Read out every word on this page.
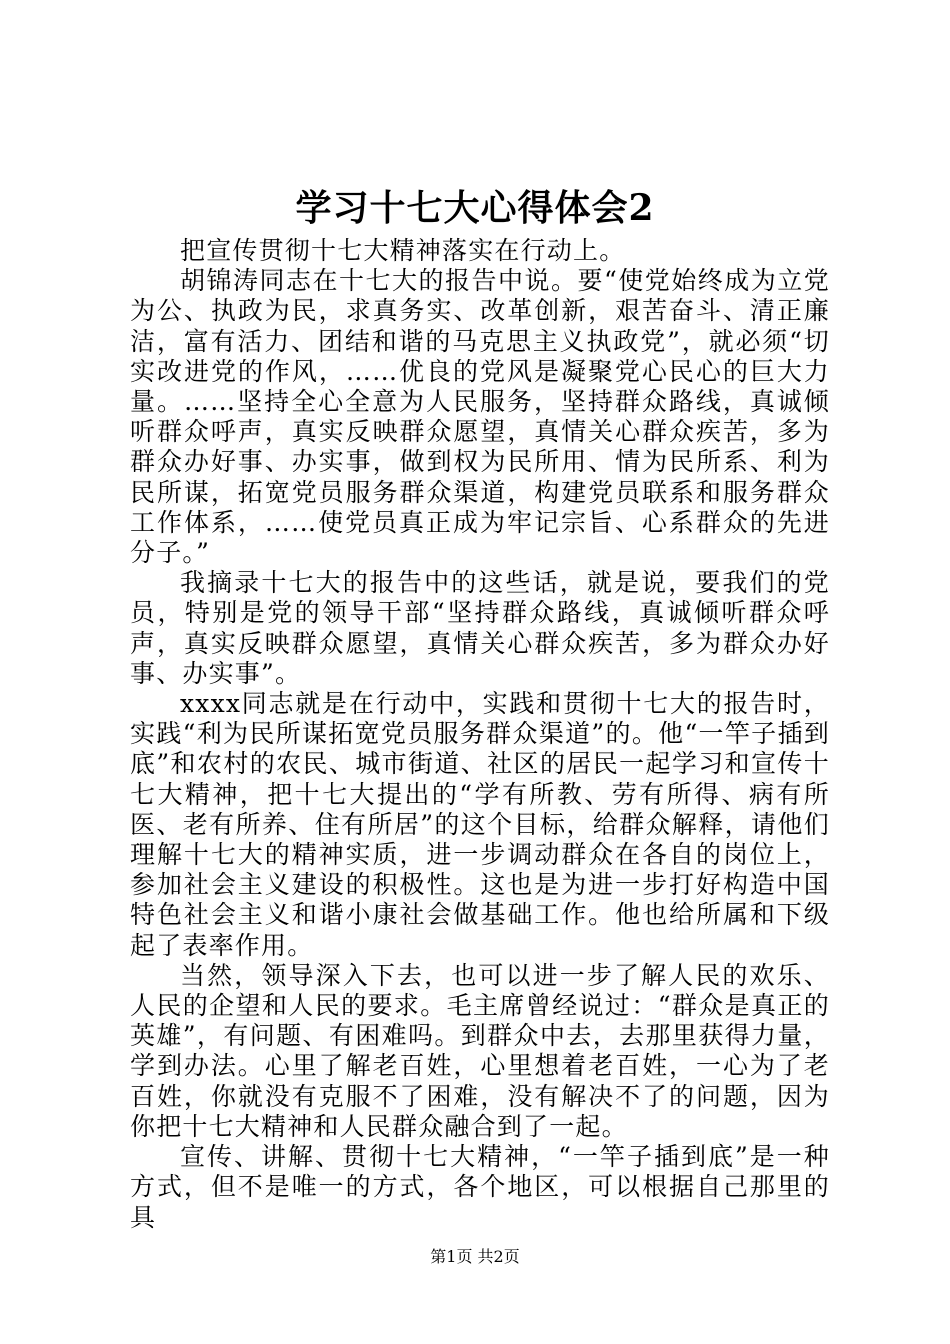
学习十七大心得体会2

把宣传贯彻十七大精神落实在行动上。

胡锦涛同志在十七大的报告中说。要“使党始终成为立党为公、执政为民，求真务实、改革创新，艰苦奋斗、清正廉洁，富有活力、团结和谐的马克思主义执政党”，就必须“切实改进党的作风，……优良的党风是凝聚党心民心的巨大力量。……坚持全心全意为人民服务，坚持群众路线，真诚倾听群众呼声，真实反映群众愿望，真情关心群众疾苦，多为群众办好事、办实事，做到权为民所用、情为民所系、利为民所谋，拓宽党员服务群众渠道，构建党员联系和服务群众工作体系，……使党员真正成为牢记宗旨、心系群众的先进分子。”

我摘录十七大的报告中的这些话，就是说，要我们的党员，特别是党的领导干部“坚持群众路线，真诚倾听群众呼声，真实反映群众愿望，真情关心群众疾苦，多为群众办好事、办实事”。

xxxx同志就是在行动中，实践和贯彻十七大的报告时，实践“利为民所谋拓宽党员服务群众渠道”的。他“一竿子插到底”和农村的农民、城市街道、社区的居民一起学习和宣传十七大精神，把十七大提出的“学有所教、劳有所得、病有所医、老有所养、住有所居”的这个目标，给群众解释，请他们理解十七大的精神实质，进一步调动群众在各自的岗位上，参加社会主义建设的积极性。这也是为进一步打好构造中国特色社会主义和谐小康社会做基础工作。他也给所属和下级起了表率作用。

当然，领导深入下去，也可以进一步了解人民的欢乐、人民的企望和人民的要求。毛主席曾经说过：“群众是真正的英雄”，有问题、有困难吗。到群众中去，去那里获得力量，学到办法。心里了解老百姓，心里想着老百姓，一心为了老百姓，你就没有克服不了困难，没有解决不了的问题，因为你把十七大精神和人民群众融合到了一起。

宣传、讲解、贯彻十七大精神，“一竿子插到底”是一种方式，但不是唯一的方式，各个地区，可以根据自己那里的具

第1页 共2页
